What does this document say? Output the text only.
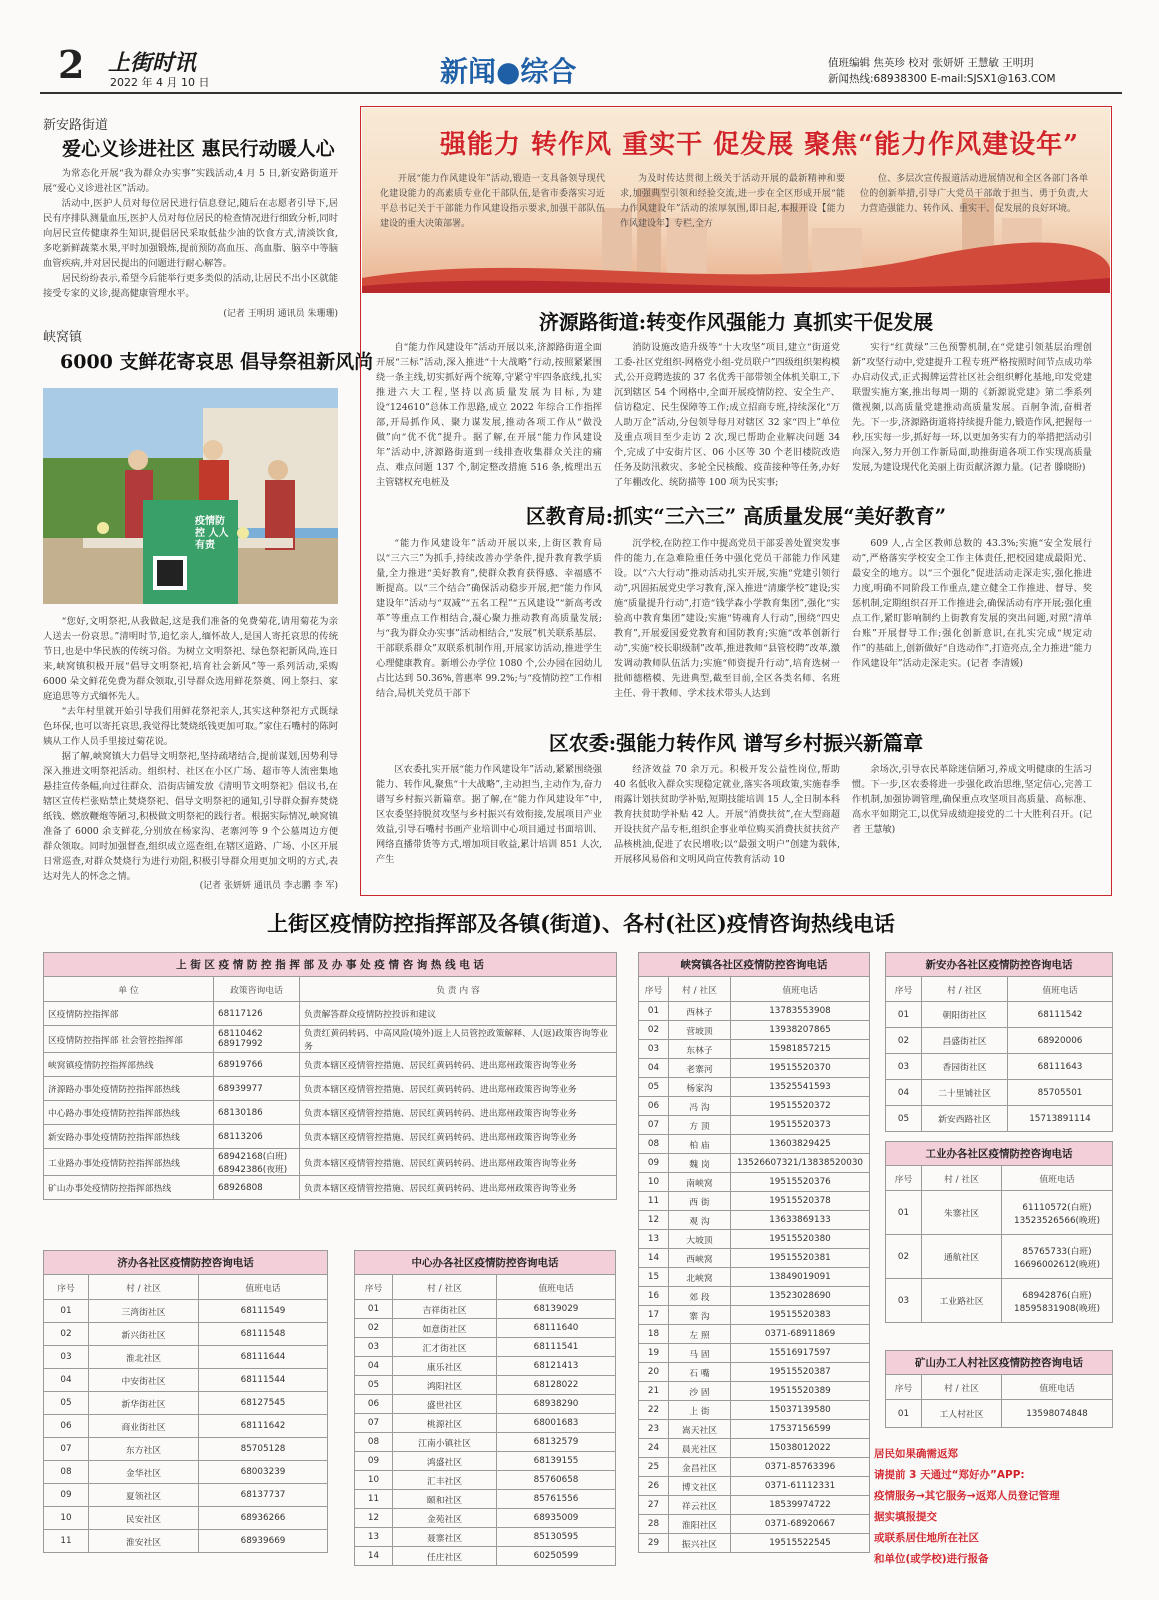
2 上街时讯
2022 年 4 月 10 日	新闻●综合	值班编辑 焦英珍 校对 张妍妍 王慧敏 王明玥
新闻热线:68938300 E-mail:SJSX1@163.COM
新安路街道
爱心义诊进社区 惠民行动暖人心

为常态化开展“我为群众办实事”实践活动,4 月 5 日,新安路街道开展“爱心义诊进社区”活动。

活动中,医护人员对每位居民进行信息登记,随后在志愿者引导下,居民有序排队测量血压,医护人员对每位居民的检查情况进行细致分析,同时向居民宣传健康养生知识,提倡居民采取低盐少油的饮食方式,清淡饮食,多吃新鲜蔬菜水果,平时加强锻炼,提前预防高血压、高血脂、脑卒中等脑血管疾病,并对居民提出的问题进行耐心解答。

居民纷纷表示,希望今后能举行更多类似的活动,让居民不出小区就能接受专家的义诊,提高健康管理水平。

(记者 王明玥 通讯员 朱珊珊)
峡窝镇
6000 支鲜花寄哀思 倡导祭祖新风尚
疫情防控 人人有责

“您好,文明祭祀,从我做起,这是我们准备的免费菊花,请用菊花为亲人送去一份哀思。”清明时节,追忆亲人,缅怀故人,是国人寄托哀思的传统节日,也是中华民族的传统习俗。为树立文明祭祀、绿色祭祀新风尚,连日来,峡窝镇积极开展“倡导文明祭祀,培育社会新风”等一系列活动,采购 6000 朵文鲜花免费为群众领取,引导群众选用鲜花祭奠、网上祭扫、家庭追思等方式缅怀先人。

“去年村里就开始引导我们用鲜花祭祀亲人,其实这种祭祀方式既绿色环保,也可以寄托哀思,我觉得比焚烧纸钱更加可取。”家住石嘴村的陈阿姨从工作人员手里接过菊花说。

据了解,峡窝镇大力倡导文明祭祀,坚持疏堵结合,提前谋划,因势利导深入推进文明祭祀活动。组织村、社区在小区广场、超市等人流密集地悬挂宣传条幅,向过往群众、沿街店铺发放《清明节文明祭祀》倡议书,在辖区宣传栏张贴禁止焚烧祭祀、倡导文明祭祀的通知,引导群众摒弃焚烧纸钱、燃放鞭炮等陋习,积极做文明祭祀的践行者。根据实际情况,峡窝镇准备了 6000 余支鲜花,分别放在杨家沟、老寨河等 9 个公墓周边方便群众领取。同时加强督查,组织成立巡查组,在辖区道路、广场、小区开展日常巡查,对群众焚烧行为进行劝阻,积极引导群众用更加文明的方式,表达对先人的怀念之情。

(记者 张妍妍 通讯员 李志鹏 李 军)
强能力 转作风 重实干 促发展 聚焦“能力作风建设年”

开展“能力作风建设年”活动,锻造一支具备领导现代化建设能力的高素质专业化干部队伍,是省市委落实习近平总书记关于干部能力作风建设指示要求,加强干部队伍建设的重大决策部署。

为及时传达贯彻上级关于活动开展的最新精神和要求,加强典型引领和经验交流,进一步在全区形成开展“能力作风建设年”活动的浓厚氛围,即日起,本报开设【能力作风建设年】专栏,全方

位、多层次宣传报道活动进展情况和全区各部门各单位的创新举措,引导广大党员干部敢于担当、勇于负责,大力营造强能力、转作风、重实干、促发展的良好环境。

济源路街道:转变作风强能力 真抓实干促发展

自“能力作风建设年”活动开展以来,济源路街道全面开展“三标”活动,深入推进“十大战略”行动,按照紧紧围绕一条主线,切实抓好两个统筹,守紧守牢四条底线,扎实推进六大工程,坚持以高质量发展为目标,为建设“124610”总体工作思路,成立 2022 年综合工作指挥部,开局抓作风、聚力谋发展,推动各项工作从“做没做”向“优不优”提升。据了解,在开展“能力作风建设年”活动中,济源路街道到一线排查收集群众关注的痛点、难点问题 137 个,制定整改措施 516 条,梳理出五主管辖权充电桩及

消防设施改造升级等“十大攻坚”项目,建立“街道党工委-社区党组织-网格党小组-党员联户”四级组织架构模式,公开竞聘选拔的 37 名优秀干部带领全体机关职工,下沉到辖区 54 个网格中,全面开展疫情防控、安全生产、信访稳定、民生保障等工作;成立招商专班,持续深化“万人助万企”活动,分包领导每月对辖区 32 家“四上”单位及重点项目至少走访 2 次,现已帮助企业解决问题 34 个,完成了中安街片区、06 小区等 30 个老旧楼院改造任务及防汛救灾、多轮全民核酸、疫苗接种等任务,办好了年棚改化、统防描等 100 项为民实事;

实行“红黄绿”三色预警机制,在“党建引领基层治理创新”攻坚行动中,党建提升工程专班严格按照时间节点成功举办启动仪式,正式揭牌运营社区社会组织孵化基地,印发党建联盟实施方案,推出每周一期的《新源说党建》第二季系列微视频,以高质量党建推动高质量发展。百舸争流,奋楫者先。下一步,济源路街道将持续提升能力,锻造作风,把握每一秒,压实每一步,抓好每一环,以更加务实有力的举措把活动引向深入,努力开创工作新局面,助推街道各项工作实现高质量发展,为建设现代化美丽上街贡献济源力量。(记者 滕晓盼)

区教育局:抓实“三六三” 高质量发展“美好教育”

“能力作风建设年”活动开展以来,上街区教育局以“三六三”为抓手,持续改善办学条件,提升教育教学质量,全力推进“美好教育”,使群众教育获得感、幸福感不断提高。以“三个结合”确保活动稳步开展,把“能力作风建设年”活动与“双减”“五名工程”“五风建设”“新高考改革”等重点工作相结合,凝心聚力推动教育高质量发展;与“我为群众办实事”活动相结合,“发展”机关联系基层、干部联系群众”双联系机制作用,开展家访活动,推进学生心理健康教育。新增公办学位 1080 个,公办园在园幼儿占比达到 50.36%,普惠率 99.2%;与“疫情防控”工作相结合,局机关党员干部下

沉学校,在防控工作中提高党员干部妥善处置突发事件的能力,在急难险重任务中强化党员干部能力作风建设。以“六大行动”推动活动扎实开展,实施“党建引领行动”,巩固拓展党史学习教育,深入推进“清廉学校”建设;实施“质量提升行动”,打造“钱学森小学教育集团”,强化“实验高中教育集团”建设;实施“铸魂育人行动”,围绕“四史教育”,开展爱国爱党教育和国防教育;实施“改革创新行动”,实施“校长职级制”改革,推进教师“县管校聘”改革,激发调动教师队伍活力;实施“师资提升行动”,培育选树一批师德楷模、先进典型,截至目前,全区各类名师、名班主任、骨干教师、学术技术带头人达到

609 人,占全区教师总数的 43.3%;实施“安全发展行动”,严格落实学校安全工作主体责任,把校园建成最阳光、最安全的地方。以“三个强化”促进活动走深走实,强化推进力度,明确不同阶段工作重点,建立健全工作推进、督导、奖惩机制,定期组织召开工作推进会,确保活动有序开展;强化重点工作,紧盯影响制约上街教育发展的突出问题,对照“清单台账”开展督导工作;强化创新意识,在扎实完成“规定动作”的基础上,创新做好“自选动作”,打造亮点,全力推进“能力作风建设年”活动走深走实。(记者 李清媛)

区农委:强能力转作风 谱写乡村振兴新篇章

区农委扎实开展“能力作风建设年”活动,紧紧围绕强能力、转作风,聚焦“十大战略”,主动担当,主动作为,奋力谱写乡村振兴新篇章。据了解,在“能力作风建设年”中,区农委坚持脱贫攻坚与乡村振兴有效衔接,发展项目产业效益,引导石嘴村书画产业培训中心项目通过书面培训、网络直播带货等方式,增加项目收益,累计培训 851 人次,产生

经济效益 70 余万元。积极开发公益性岗位,帮助 40 名低收入群众实现稳定就业,落实各项政策,实施春季雨露计划扶贫助学补贴,短期技能培训 15 人,全日制本科教育扶贫助学补贴 42 人。开展“消费扶贫”,在大型商超开设扶贫产品专柜,组织企事业单位购买消费扶贫扶贫产品核桃油,促进了农民增收;以“最强文明户”创建为载体,开展移风易俗和文明风尚宣传教育活动 10

余场次,引导农民革除迷信陋习,养成文明健康的生活习惯。下一步,区农委将进一步强化政治思维,坚定信心,完善工作机制,加强协调管理,确保重点攻坚项目高质量、高标准、高水平如期完工,以优异成绩迎接党的二十大胜利召开。(记者 王慧敏)

上街区疫情防控指挥部及各镇(街道)、各村(社区)疫情咨询热线电话
上 街 区 疫 情 防 控 指 挥 部 及 办 事 处 疫 情 咨 询 热 线 电 话		
单 位	政策咨询电话	负 责 内 容
区疫情防控指挥部	68117126	负责解答群众疫情防控投诉和建议
区疫情防控指挥部 社会管控指挥部	68110462 68917992	负责红黄码转码、中高风险(境外)返上人员管控政策解释、人(返)政策咨询等业务
峡窝镇疫情防控指挥部热线	68919766	负责本辖区疫情管控措施、居民红黄码转码、进出郑州政策咨询等业务
济源路办事处疫情防控指挥部热线	68939977	负责本辖区疫情管控措施、居民红黄码转码、进出郑州政策咨询等业务
中心路办事处疫情防控指挥部热线	68130186	负责本辖区疫情管控措施、居民红黄码转码、进出郑州政策咨询等业务
新安路办事处疫情防控指挥部热线	68113206	负责本辖区疫情管控措施、居民红黄码转码、进出郑州政策咨询等业务
工业路办事处疫情防控指挥部热线	68942168(白班) 68942386(夜班)	负责本辖区疫情管控措施、居民红黄码转码、进出郑州政策咨询等业务
矿山办事处疫情防控指挥部热线	68926808	负责本辖区疫情管控措施、居民红黄码转码、进出郑州政策咨询等业务
济办各社区疫情防控咨询电话		
序号	村 / 社区	值班电话
01	三湾街社区	68111549
02	新兴街社区	68111548
03	淮北社区	68111644
04	中安街社区	68111544
05	新华街社区	68127545
06	商业街社区	68111642
07	东方社区	85705128
08	金华社区	68003239
09	夏领社区	68137737
10	民安社区	68936266
11	淮安社区	68939669
中心办各社区疫情防控咨询电话		
序号	村 / 社区	值班电话
01	吉祥街社区	68139029
02	如意街社区	68111640
03	汇才街社区	68111541
04	康乐社区	68121413
05	鸿阳社区	68128022
06	盛世社区	68938290
07	桃源社区	68001683
08	江南小镇社区	68132579
09	鸿盛社区	68139155
10	汇丰社区	85760658
11	颐和社区	85761556
12	金苑社区	68935009
13	聂寨社区	85130595
14	任庄社区	60250599
峡窝镇各社区疫情防控咨询电话		
序号	村 / 社区	值班电话
01	西林子	13783553908
02	营坡顶	13938207865
03	东林子	15981857215
04	老寨河	19515520370
05	杨家沟	13525541593
06	冯 沟	19515520372
07	方 顶	19515520373
08	柏 庙	13603829425
09	魏 岗	13526607321/13838520030
10	南峡窝	19515520376
11	西 街	19515520378
12	观 沟	13633869133
13	大坡顶	19515520380
14	西峡窝	19515520381
15	北峡窝	13849019091
16	郊 段	13523028690
17	寨 沟	19515520383
18	左 照	0371-68911869
19	马 固	15516917597
20	石 嘴	19515520387
21	沙 固	19515520389
22	上 街	15037139580
23	嵩天社区	17537156599
24	晨光社区	15038012022
25	金昌社区	0371-85763396
26	博文社区	0371-61112331
27	祥云社区	18539974722
28	淮阳社区	0371-68920667
29	振兴社区	19515522545
新安办各社区疫情防控咨询电话		
序号	村 / 社区	值班电话
01	朝阳街社区	68111542
02	昌盛街社区	68920006
03	香园街社区	68111643
04	二十里铺社区	85705501
05	新安西路社区	15713891114
工业办各社区疫情防控咨询电话		
序号	村 / 社区	值班电话
01	朱寨社区	61110572(白班) 13523526566(晚班)
02	通航社区	85765733(白班) 16696002612(晚班)
03	工业路社区	68942876(白班) 18595831908(晚班)
矿山办工人村社区疫情防控咨询电话		
序号	村 / 社区	值班电话
01	工人村社区	13598074848
居民如果确需返郑
请提前 3 天通过“郑好办”APP:
疫情服务→其它服务→返郑人员登记管理
据实填报提交
或联系居住地所在社区
和单位(或学校)进行报备
